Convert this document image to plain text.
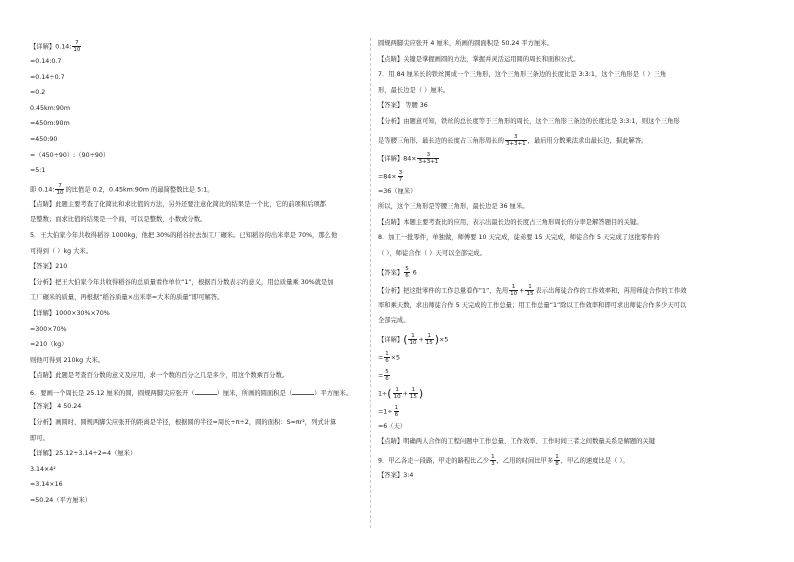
【详解】0.14: $\frac{7}{10}$
=0.14:0.7
=0.14÷0.7
=0.2
0.45km:90m
=450m:90m
=450:90
=（450÷90）:（90÷90）
=5:1
即 0.14: $\frac{7}{10}$ 的比值是 0.2，0.45km:90m 的最简整数比是 5:1。
【点睛】此题主要考查了化简比和求比值的方法，另外还要注意化简比的结果是一个比，它的前项和后项都
是整数；而求比值的结果是一个商，可以是整数，小数或分数。
5．王大伯家今年共收得稻谷 1000kg，他把 30%的稻谷拉去加工厂碾米。已知稻谷的出米率是 70%，那么他
可得到（ ）kg 大米。
【答案】210
【分析】把王大伯家今年共收得稻谷的总质量看作单位“1”，根据百分数表示的意义，用总质量乘 30%就是加
工厂碾米的质量，再根据“稻谷质量×出米率=大米的质量”即可解答。
【详解】1000×30%×70%
=300×70%
=210（kg）
则他可得到 210kg 大米。
【点睛】此题是考查百分数的意义及应用，求一个数的百分之几是多少，用这个数乘百分数。
6．要画一个周长是 25.12 厘米的圆，圆规两脚尖应张开（	）厘米，所画的圆面积是（	）平方厘米。
【答案】 4 50.24
【分析】画圆时，圆规两脚尖应张开的距离是半径，根据圆的半径=周长÷π÷2，圆的面积：S=πr²，列式计算
即可。
【详解】25.12÷3.14÷2=4（厘米）
3.14×4²
=3.14×16
=50.24（平方厘米）
圆规两脚尖应张开 4 厘米，所画的圆面积是 50.24 平方厘米。
【点睛】关键是掌握画圆的方法，掌握并灵活运用圆的周长和面积公式。
7．用 84 厘米长的铁丝围成一个三角形，这个三角形三条边的长度比是 3:3:1，这个三角形是（ ）三角
形，最长边是（ ）厘米。
【答案】 等腰 36
【分析】由题意可知，铁丝的总长度等于三角形的周长，这个三角形三条边的长度比是 3:3:1，则这个三角形
是等腰三角形，最长边的长度占三角形周长的 $\frac{3}{3+3+1}$ ，最后用分数乘法求出最长边，据此解答。
【详解】$84\times \frac{3}{3+3+1}$
$=84\times \frac{3}{7}$
=36（厘米）
所以，这个三角形是等腰三角形，最长边是 36 厘米。
【点睛】本题主要考查比的应用，表示出最长边的长度占三角形周长的分率是解答题目的关键。
8．加工一批零件，单独做，师傅要 10 天完成，徒弟要 15 天完成，师徒合作 5 天完成了这批零件的
（ ），师徒合作（ ）天可以全部完成。
【答案】 $\frac{5}{6} 6$
【分析】把这批零件的工作总量看作“1”，先用 $\frac{1}{10} + \frac{1}{15}$ 表示出师徒合作的工作效率和，再用师徒合作的工作效
率和乘天数，求出师徒合作 5 天完成的工作总量；用工作总量“1”除以工作效率和即可求出师徒合作多少天可以
全部完成。
【详解】( $\frac{1}{10} + \frac{1}{15} )\times 5$
= $\frac{1}{6} \times 5$
= $\frac{5}{6}$
$1\div( \frac{1}{10} + \frac{1}{15}$ )
$=1\div \frac{1}{6}$
=6（天）
【点睛】明确两人合作的工程问题中工作总量、工作效率、工作时间三者之间数量关系是解题的关键
9．甲乙各走一段路，甲走的路程比乙少 $\frac{1}{3}$ ，乙用的时间比甲多 $\frac{1}{8}$ ，甲乙的速度比是（ ）。
【答案】3:4
